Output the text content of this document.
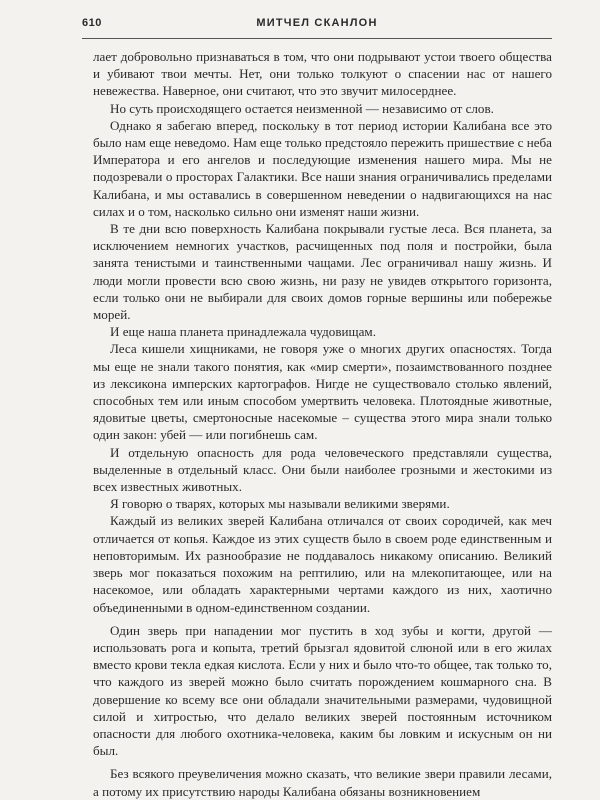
610	МИТЧЕЛ СКАНЛОН

лает добровольно признаваться в том, что они подрывают устои твоего общества и убивают твои мечты. Нет, они только толкуют о спасении нас от нашего невежества. Наверное, они считают, что это звучит милосерднее.

Но суть происходящего остается неизменной — независимо от слов.

Однако я забегаю вперед, поскольку в тот период истории Калибана все это было нам еще неведомо. Нам еще только предстояло пережить пришествие с неба Императора и его ангелов и последующие изменения нашего мира. Мы не подозревали о просторах Галактики. Все наши знания ограничивались пределами Калибана, и мы оставались в совершенном неведении о надвигающихся на нас силах и о том, насколько сильно они изменят наши жизни.

В те дни всю поверхность Калибана покрывали густые леса. Вся планета, за исключением немногих участков, расчищенных под поля и постройки, была занята тенистыми и таинственными чащами. Лес ограничивал нашу жизнь. И люди могли провести всю свою жизнь, ни разу не увидев открытого горизонта, если только они не выбирали для своих домов горные вершины или побережье морей.

И еще наша планета принадлежала чудовищам.

Леса кишели хищниками, не говоря уже о многих других опасностях. Тогда мы еще не знали такого понятия, как «мир смерти», позаимствованного позднее из лексикона имперских картографов. Нигде не существовало столько явлений, способных тем или иным способом умертвить человека. Плотоядные животные, ядовитые цветы, смертоносные насекомые – существа этого мира знали только один закон: убей — или погибнешь сам.

И отдельную опасность для рода человеческого представляли существа, выделенные в отдельный класс. Они были наиболее грозными и жестокими из всех известных животных.

Я говорю о тварях, которых мы называли великими зверями.

Каждый из великих зверей Калибана отличался от своих сородичей, как меч отличается от копья. Каждое из этих существ было в своем роде единственным и неповторимым. Их разнообразие не поддавалось никакому описанию. Великий зверь мог показаться похожим на рептилию, или на млекопитающее, или на насекомое, или обладать характерными чертами каждого из них, хаотично объединенными в одном-единственном создании.

Один зверь при нападении мог пустить в ход зубы и когти, другой — использовать рога и копыта, третий брызгал ядовитой слюной или в его жилах вместо крови текла едкая кислота. Если у них и было что-то общее, так только то, что каждого из зверей можно было считать порождением кошмарного сна. В довершение ко всему все они обладали значительными размерами, чудовищной силой и хитростью, что делало великих зверей постоянным источником опасности для любого охотника-человека, каким бы ловким и искусным он ни был.

Без всякого преувеличения можно сказать, что великие звери правили лесами, а потому их присутствию народы Калибана обязаны возникновением
